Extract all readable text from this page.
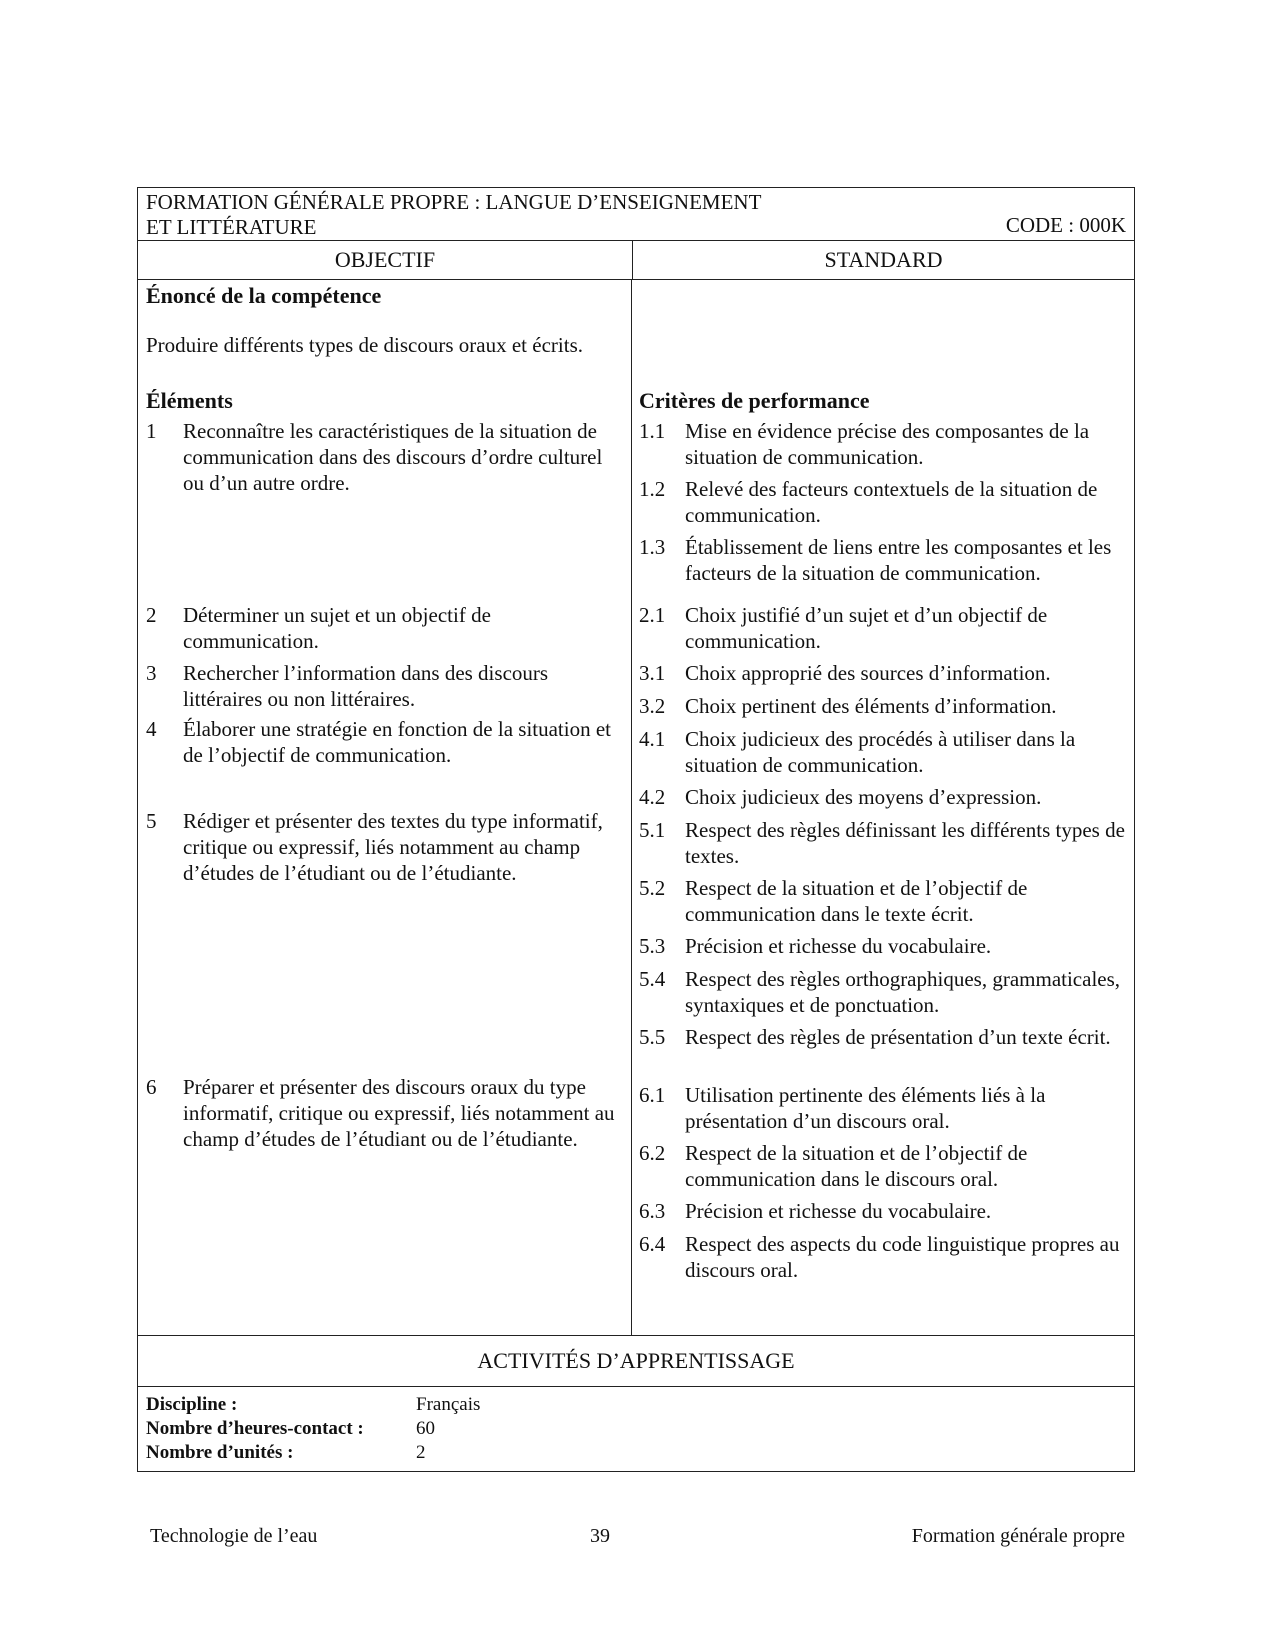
FORMATION GÉNÉRALE PROPRE : LANGUE D’ENSEIGNEMENT
ET LITTÉRATURE	CODE : 000K
OBJECTIF	STANDARD
Énoncé de la compétence
Produire différents types de discours oraux et écrits.
Éléments
1	Reconnaître les caractéristiques de la situation de communication dans des discours d’ordre culturel ou d’un autre ordre.
2	Déterminer un sujet et un objectif de communication.
3	Rechercher l’information dans des discours littéraires ou non littéraires.
4	Élaborer une stratégie en fonction de la situation et de l’objectif de communication.
5	Rédiger et présenter des textes du type informatif, critique ou expressif, liés notamment au champ d’études de l’étudiant ou de l’étudiante.
6	Préparer et présenter des discours oraux du type informatif, critique ou expressif, liés notamment au champ d’études de l’étudiant ou de l’étudiante.
Critères de performance
1.1 Mise en évidence précise des composantes de la situation de communication.
1.2 Relevé des facteurs contextuels de la situation de communication.
1.3 Établissement de liens entre les composantes et les facteurs de la situation de communication.
2.1 Choix justifié d’un sujet et d’un objectif de communication.
3.1 Choix approprié des sources d’information.
3.2 Choix pertinent des éléments d’information.
4.1 Choix judicieux des procédés à utiliser dans la situation de communication.
4.2 Choix judicieux des moyens d’expression.
5.1 Respect des règles définissant les différents types de textes.
5.2 Respect de la situation et de l’objectif de communication dans le texte écrit.
5.3 Précision et richesse du vocabulaire.
5.4 Respect des règles orthographiques, grammaticales, syntaxiques et de ponctuation.
5.5 Respect des règles de présentation d’un texte écrit.
6.1 Utilisation pertinente des éléments liés à la présentation d’un discours oral.
6.2 Respect de la situation et de l’objectif de communication dans le discours oral.
6.3 Précision et richesse du vocabulaire.
6.4 Respect des aspects du code linguistique propres au discours oral.
ACTIVITÉS D’APPRENTISSAGE
Discipline :	Français
Nombre d’heures-contact :	60
Nombre d’unités :	2
Technologie de l’eau	39	Formation générale propre
